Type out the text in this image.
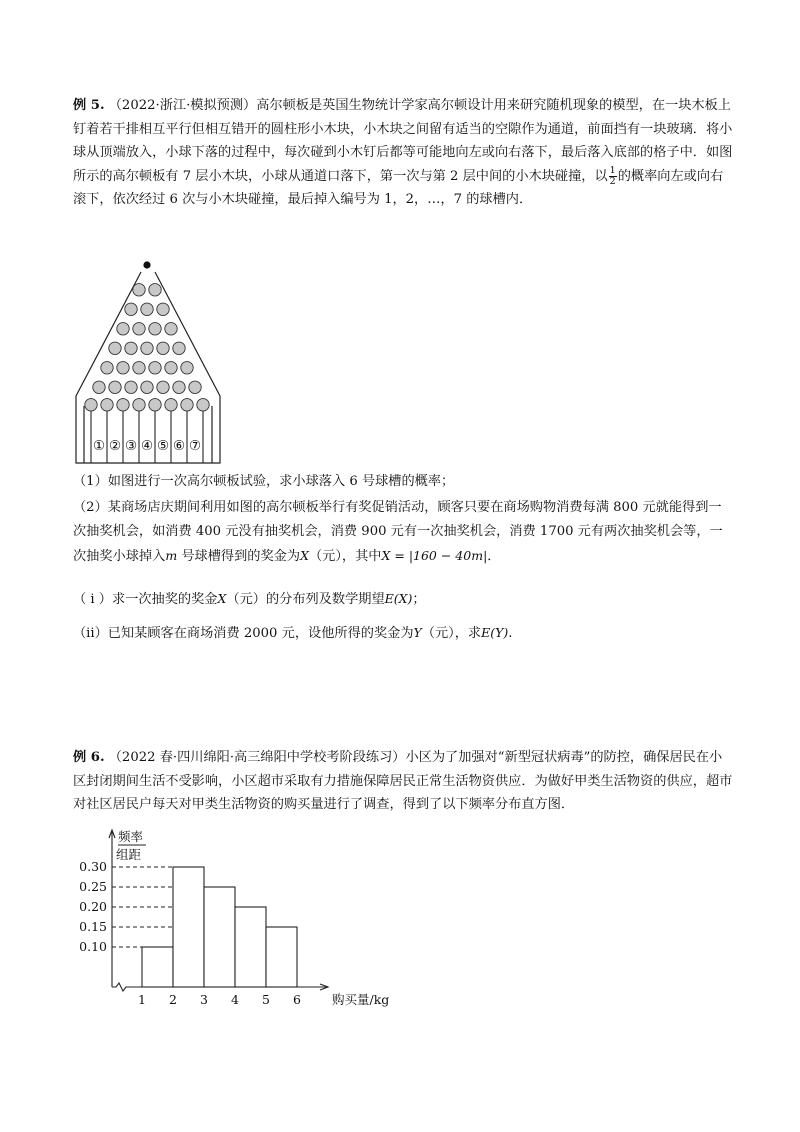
例 5. （2022·浙江·模拟预测）高尔顿板是英国生物统计学家高尔顿设计用来研究随机现象的模型，在一块木板上钉着若干排相互平行但相互错开的圆柱形小木块，小木块之间留有适当的空隙作为通道，前面挡有一块玻璃．将小球从顶端放入，小球下落的过程中，每次碰到小木钉后都等可能地向左或向右落下，最后落入底部的格子中．如图所示的高尔顿板有 7 层小木块，小球从通道口落下，第一次与第 2 层中间的小木块碰撞，以 $\frac{1}{2}$ 的概率向左或向右滚下，依次经过 6 次与小木块碰撞，最后掉入编号为 1，2，…，7 的球槽内．
① ② ③ ④ ⑤ ⑥ ⑦
（1）如图进行一次高尔顿板试验，求小球落入 6 号球槽的概率；
（2）某商场店庆期间利用如图的高尔顿板举行有奖促销活动，顾客只要在商场购物消费每满 800 元就能得到一次抽奖机会，如消费 400 元没有抽奖机会，消费 900 元有一次抽奖机会，消费 1700 元有两次抽奖机会等，一次抽奖小球掉入m 号球槽得到的奖金为X（元），其中X = |160 − 40m|．
（ i ）求一次抽奖的奖金X（元）的分布列及数学期望E(X)；
（ii）已知某顾客在商场消费 2000 元，设他所得的奖金为Y（元），求E(Y).
例 6. （2022 春·四川绵阳·高三绵阳中学校考阶段练习）小区为了加强对“新型冠状病毒”的防控，确保居民在小区封闭期间生活不受影响，小区超市采取有力措施保障居民正常生活物资供应．为做好甲类生活物资的供应，超市对社区居民户每天对甲类生活物资的购买量进行了调查，得到了以下频率分布直方图．
0.10
0.15
0.20
0.25
0.30
1 2 3 4 5 6 购买量/kg
频率
组距
